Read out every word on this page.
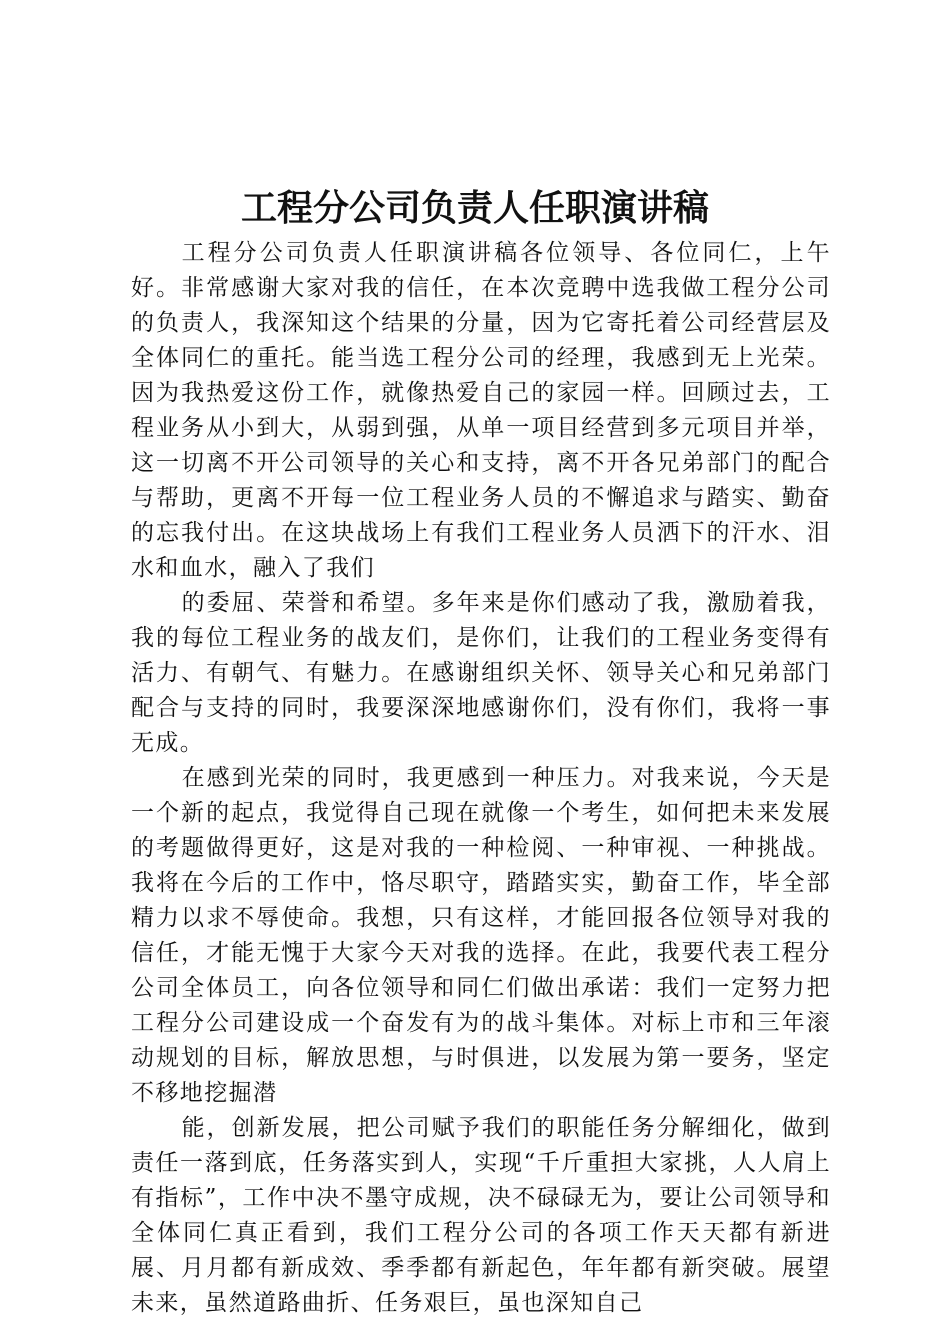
工程分公司负责人任职演讲稿

工程分公司负责人任职演讲稿各位领导、各位同仁，上午好。非常感谢大家对我的信任，在本次竞聘中选我做工程分公司的负责人，我深知这个结果的分量，因为它寄托着公司经营层及全体同仁的重托。能当选工程分公司的经理，我感到无上光荣。因为我热爱这份工作，就像热爱自己的家园一样。回顾过去，工程业务从小到大，从弱到强，从单一项目经营到多元项目并举，这一切离不开公司领导的关心和支持，离不开各兄弟部门的配合与帮助，更离不开每一位工程业务人员的不懈追求与踏实、勤奋的忘我付出。在这块战场上有我们工程业务人员洒下的汗水、泪水和血水，融入了我们

的委屈、荣誉和希望。多年来是你们感动了我，激励着我，我的每位工程业务的战友们，是你们，让我们的工程业务变得有活力、有朝气、有魅力。在感谢组织关怀、领导关心和兄弟部门配合与支持的同时，我要深深地感谢你们，没有你们，我将一事无成。

在感到光荣的同时，我更感到一种压力。对我来说，今天是一个新的起点，我觉得自己现在就像一个考生，如何把未来发展的考题做得更好，这是对我的一种检阅、一种审视、一种挑战。我将在今后的工作中，恪尽职守，踏踏实实，勤奋工作，毕全部精力以求不辱使命。我想，只有这样，才能回报各位领导对我的信任，才能无愧于大家今天对我的选择。在此，我要代表工程分公司全体员工，向各位领导和同仁们做出承诺：我们一定努力把工程分公司建设成一个奋发有为的战斗集体。对标上市和三年滚动规划的目标，解放思想，与时俱进，以发展为第一要务，坚定不移地挖掘潜

能，创新发展，把公司赋予我们的职能任务分解细化，做到责任一落到底，任务落实到人，实现“千斤重担大家挑，人人肩上有指标”，工作中决不墨守成规，决不碌碌无为，要让公司领导和全体同仁真正看到，我们工程分公司的各项工作天天都有新进展、月月都有新成效、季季都有新起色，年年都有新突破。展望未来，虽然道路曲折、任务艰巨，虽也深知自己
